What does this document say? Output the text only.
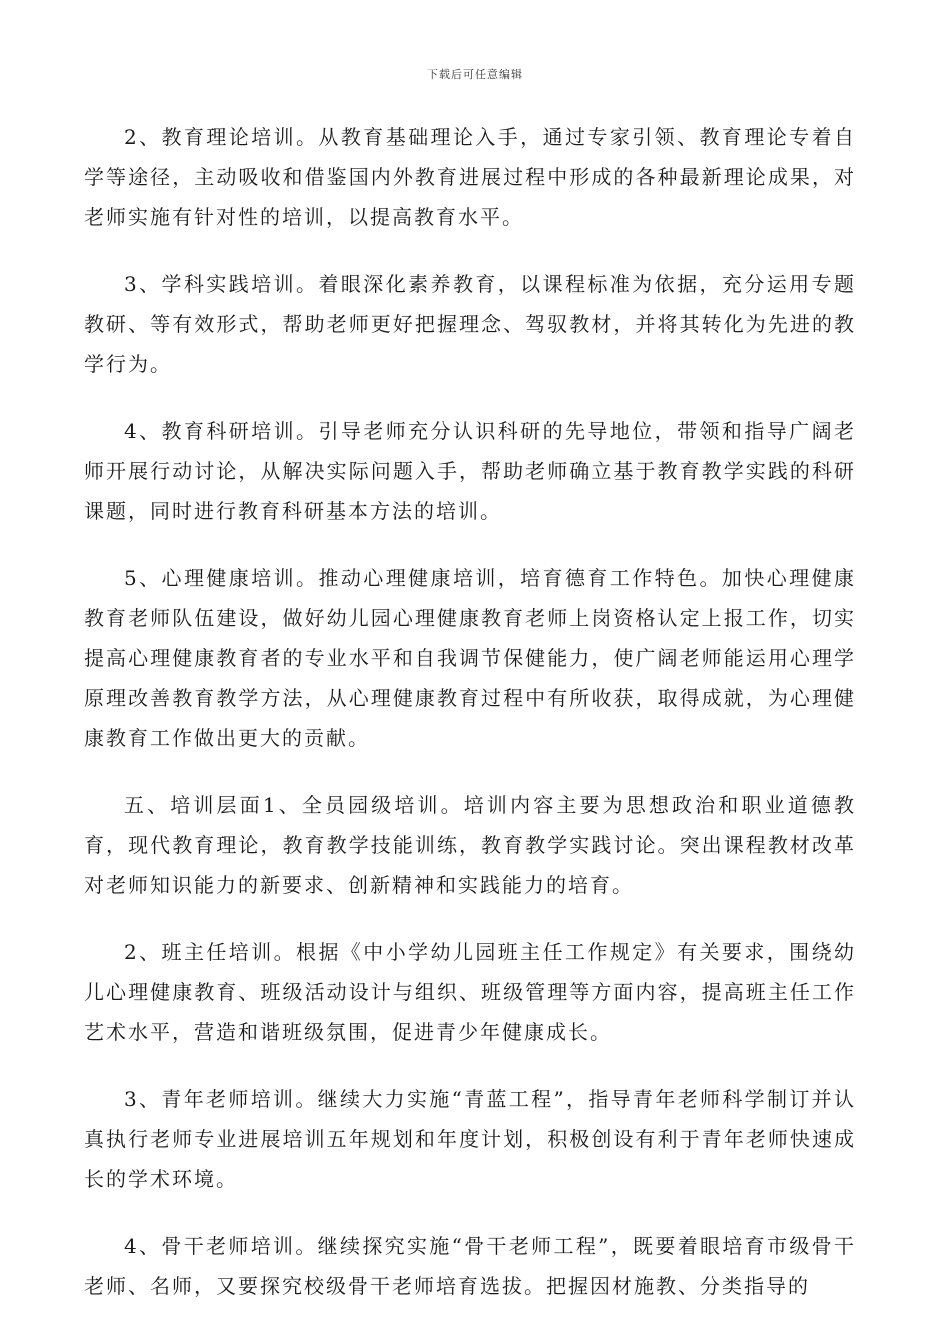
下载后可任意编辑

2、教育理论培训。从教育基础理论入手，通过专家引领、教育理论专着自学等途径，主动吸收和借鉴国内外教育进展过程中形成的各种最新理论成果，对老师实施有针对性的培训，以提高教育水平。

3、学科实践培训。着眼深化素养教育，以课程标准为依据，充分运用专题教研、等有效形式，帮助老师更好把握理念、驾驭教材，并将其转化为先进的教学行为。

4、教育科研培训。引导老师充分认识科研的先导地位，带领和指导广阔老师开展行动讨论，从解决实际问题入手，帮助老师确立基于教育教学实践的科研课题，同时进行教育科研基本方法的培训。

5、心理健康培训。推动心理健康培训，培育德育工作特色。加快心理健康教育老师队伍建设，做好幼儿园心理健康教育老师上岗资格认定上报工作，切实提高心理健康教育者的专业水平和自我调节保健能力，使广阔老师能运用心理学原理改善教育教学方法，从心理健康教育过程中有所收获，取得成就，为心理健康教育工作做出更大的贡献。

五、培训层面1、全员园级培训。培训内容主要为思想政治和职业道德教育，现代教育理论，教育教学技能训练，教育教学实践讨论。突出课程教材改革对老师知识能力的新要求、创新精神和实践能力的培育。

2、班主任培训。根据《中小学幼儿园班主任工作规定》有关要求，围绕幼儿心理健康教育、班级活动设计与组织、班级管理等方面内容，提高班主任工作艺术水平，营造和谐班级氛围，促进青少年健康成长。

3、青年老师培训。继续大力实施“青蓝工程”，指导青年老师科学制订并认真执行老师专业进展培训五年规划和年度计划，积极创设有利于青年老师快速成长的学术环境。

4、骨干老师培训。继续探究实施“骨干老师工程”，既要着眼培育市级骨干老师、名师，又要探究校级骨干老师培育选拔。把握因材施教、分类指导的
